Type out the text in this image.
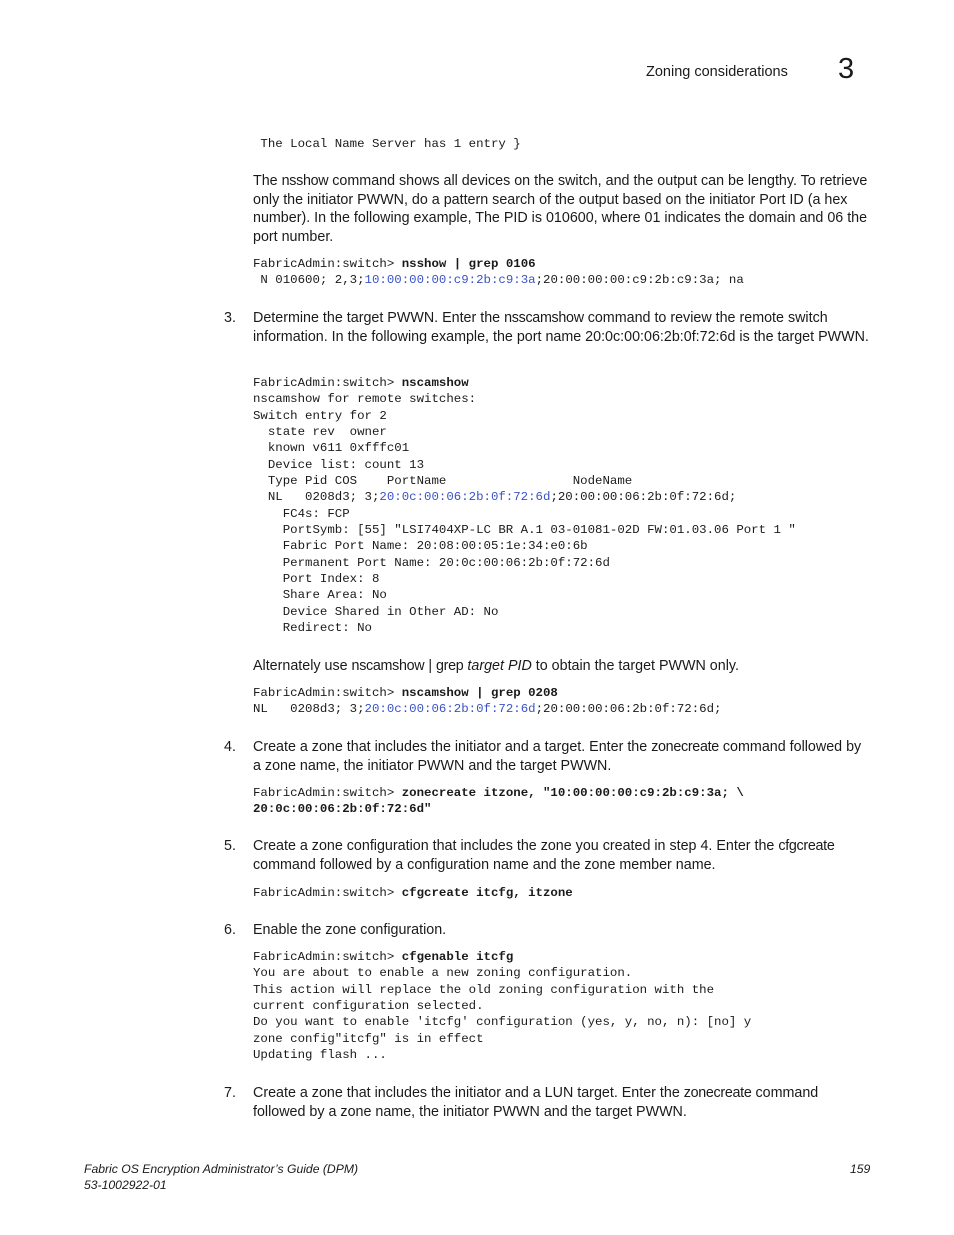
Zoning considerations 3
The Local Name Server has 1 entry }

The nsshow command shows all devices on the switch, and the output can be lengthy. To retrieve only the initiator PWWN, do a pattern search of the output based on the initiator Port ID (a hex number). In the following example, The PID is 010600, where 01 indicates the domain and 06 the port number.

FabricAdmin:switch> nsshow | grep 0106
N 010600; 2,3;10:00:00:00:c9:2b:c9:3a;20:00:00:00:c9:2b:c9:3a; na
3. Determine the target PWWN. Enter the nsscamshow command to review the remote switch information. In the following example, the port name 20:0c:00:06:2b:0f:72:6d is the target PWWN.

FabricAdmin:switch> nscamshow
nscamshow for remote switches:
Switch entry for 2
state rev  owner
known v611 0xfffc01
Device list: count 13
Type Pid COS    PortName                 NodeName
NL   0208d3; 3;20:0c:00:06:2b:0f:72:6d;20:00:00:06:2b:0f:72:6d;
FC4s: FCP
PortSymb: [55] "LSI7404XP-LC BR A.1 03-01081-02D FW:01.03.06 Port 1 "
Fabric Port Name: 20:08:00:05:1e:34:e0:6b
Permanent Port Name: 20:0c:00:06:2b:0f:72:6d
Port Index: 8
Share Area: No
Device Shared in Other AD: No
Redirect: No

Alternately use nscamshow | grep target PID to obtain the target PWWN only.

FabricAdmin:switch> nscamshow | grep 0208
NL   0208d3; 3;20:0c:00:06:2b:0f:72:6d;20:00:00:06:2b:0f:72:6d;
4. Create a zone that includes the initiator and a target. Enter the zonecreate command followed by a zone name, the initiator PWWN and the target PWWN.

FabricAdmin:switch> zonecreate itzone, "10:00:00:00:c9:2b:c9:3a; \
20:0c:00:06:2b:0f:72:6d"
5. Create a zone configuration that includes the zone you created in step 4. Enter the cfgcreate command followed by a configuration name and the zone member name.

FabricAdmin:switch> cfgcreate itcfg, itzone
6. Enable the zone configuration.

FabricAdmin:switch> cfgenable itcfg
You are about to enable a new zoning configuration.
This action will replace the old zoning configuration with the
current configuration selected.
Do you want to enable 'itcfg' configuration (yes, y, no, n): [no] y
zone config"itcfg" is in effect
Updating flash ...
7. Create a zone that includes the initiator and a LUN target. Enter the zonecreate command followed by a zone name, the initiator PWWN and the target PWWN.

Fabric OS Encryption Administrator’s Guide (DPM)
53-1002922-01
159
